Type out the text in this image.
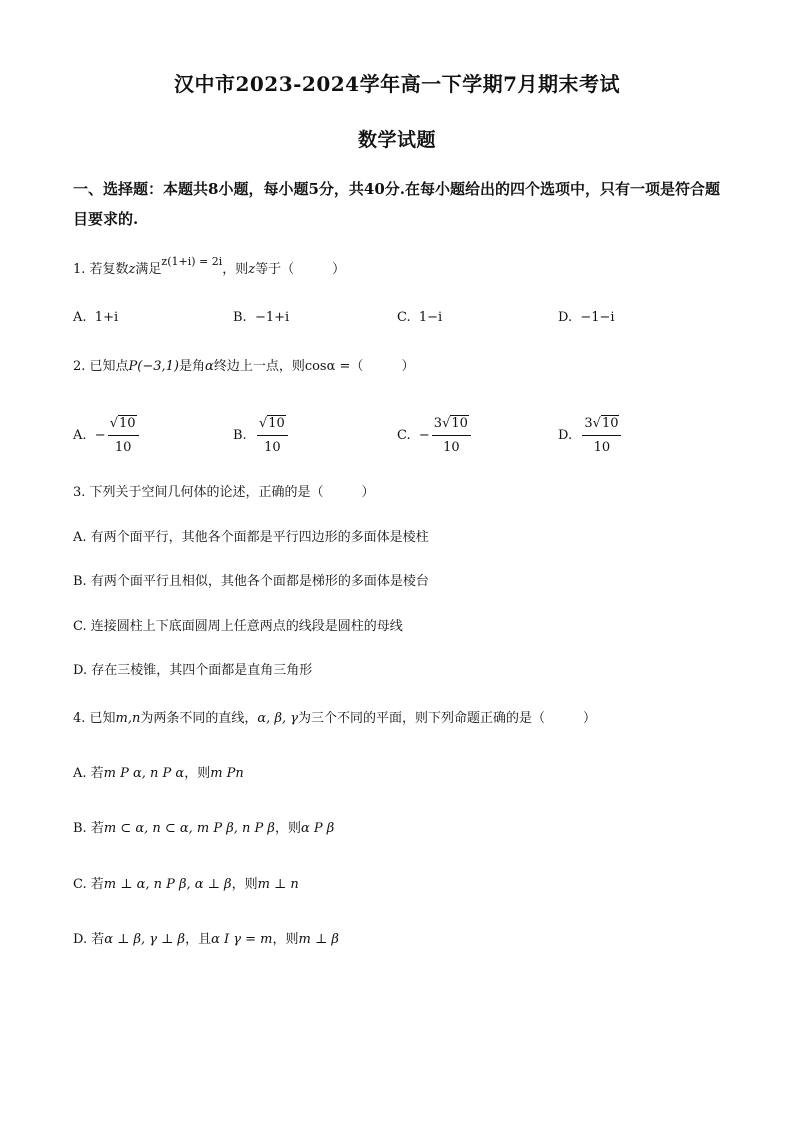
汉中市2023-2024学年高一下学期7月期末考试
数学试题
一、选择题：本题共8小题，每小题5分，共40分.在每小题给出的四个选项中，只有一项是符合题目要求的.
1. 若复数z满足$^{z(1+i) = 2i}$，则z等于（	）
A. 1+i	B. −1+i	C. 1−i	D. −1−i
2. 已知点P(−3,1)是角α终边上一点，则cosα =（	）
A. − $\frac{√10}{10}$	B. $\frac{√10}{10}$	C. − $\frac{3√10}{10}$	D. $\frac{3√10}{10}$
3. 下列关于空间几何体的论述，正确的是（	）
A. 有两个面平行，其他各个面都是平行四边形的多面体是棱柱
B. 有两个面平行且相似，其他各个面都是梯形的多面体是棱台
C. 连接圆柱上下底面圆周上任意两点的线段是圆柱的母线
D. 存在三棱锥，其四个面都是直角三角形
4. 已知m,n为两条不同的直线，α, β, γ为三个不同的平面，则下列命题正确的是（	）
A. 若m P α, n P α，则m Pn
B. 若m ⊂ α, n ⊂ α, m P β, n P β，则α P β
C. 若m ⊥ α, n P β, α ⊥ β，则m ⊥ n
D. 若α ⊥ β, γ ⊥ β，且α I γ = m，则m ⊥ β
